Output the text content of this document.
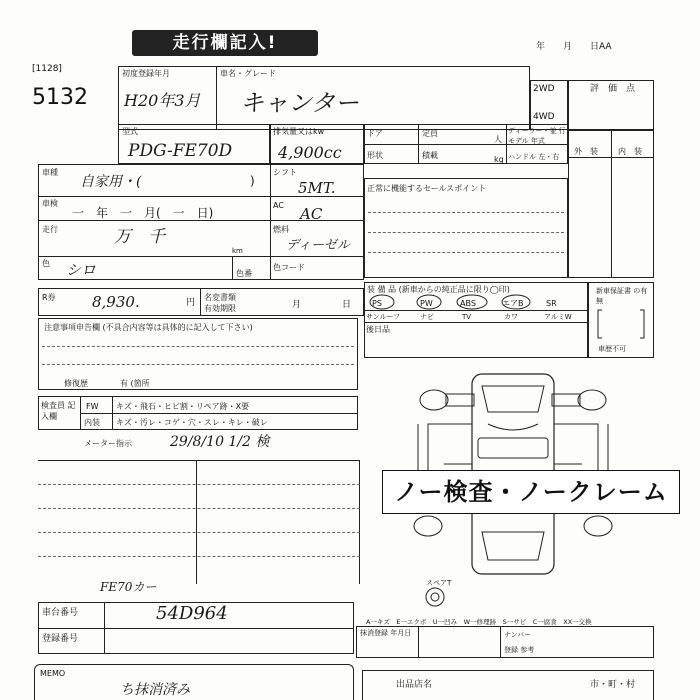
走行欄記入!	年　　月　　日AA
[1128]
5132
初度登録年月
H20年3月
車名・グレード
キャンター	2WD
4WD
評　価　点
型式
PDG-FE70D
排気量又はkw
4,900cc
ドア	定員
人
ディーラー・並 行
モデル 年式
形状	積載	kg ハンドル 左・右
外　装	内　装
車種
自家用・(	)
シフト
5MT.
車検
一　年　一　月(　一　日)
AC AC
走行	万　千
km
燃料
ディーゼル
色 シロ	色番
色コード
正常に機能するセールスポイント
R券 8,930.	円
名変書類
有効期限	月	日
装 備 品 (新車からの純正品に限り◯印)
PS	PW	ABS	エアB	SR
サンルーフ	ナビ	TV	カワ	アルミW
後日品
新車保証書 の有無
車歴不可
注意事項申告欄 (不具合内容等は具体的に記入して下さい)
修復歴	有 (箇所
検査員 記入欄
FW キズ・飛石・ヒビ割・リペア跡・X要
内装 キズ・汚レ・コゲ・穴・スレ・キレ・破レ
メーター指示	29/8/10 1/2 検
FE70カー
ノー検査・ノークレーム
スペアT
A一キズ　E一エクボ　U一凹み　W一修理跡　S一サビ　C一腐食　XX一交換
車台番号	54D964
登録番号
抹消登録 年月日	ナンバー
登録 参考
MEMO
ち抹消済み	出品店名	市・町・村
